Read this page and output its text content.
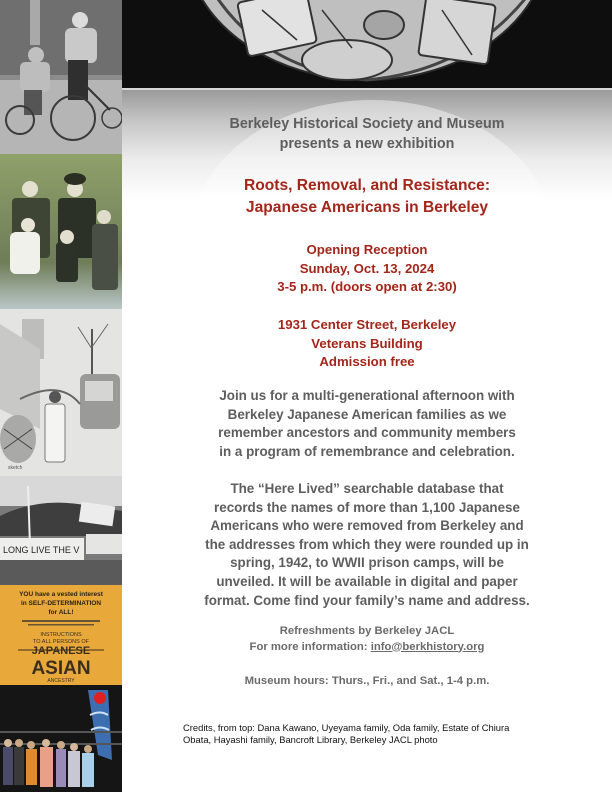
sketch
LONG LIVE THE V
YOU have a vested interest
in SELF-DETERMINATION
for ALL!
INSTRUCTIONS
TO ALL PERSONS OF
JAPANESE
ASIAN
ANCESTRY
Berkeley Historical Society and Museum
presents a new exhibition
Roots, Removal, and Resistance:
Japanese Americans in Berkeley
Opening Reception
Sunday, Oct. 13, 2024
3-5 p.m. (doors open at 2:30)
1931 Center Street, Berkeley
Veterans Building
Admission free
Join us for a multi-generational afternoon with
Berkeley Japanese American families as we
remember ancestors and community members
in a program of remembrance and celebration.
The “Here Lived” searchable database that
records the names of more than 1,100 Japanese
Americans who were removed from Berkeley and
the addresses from which they were rounded up in
spring, 1942, to WWII prison camps, will be
unveiled. It will be available in digital and paper
format. Come find your family’s name and address.
Refreshments by Berkeley JACL
For more information: info@berkhistory.org
Museum hours: Thurs., Fri., and Sat., 1-4 p.m.
Credits, from top: Dana Kawano, Uyeyama family, Oda family, Estate of Chiura
Obata, Hayashi family, Bancroft Library, Berkeley JACL photo
